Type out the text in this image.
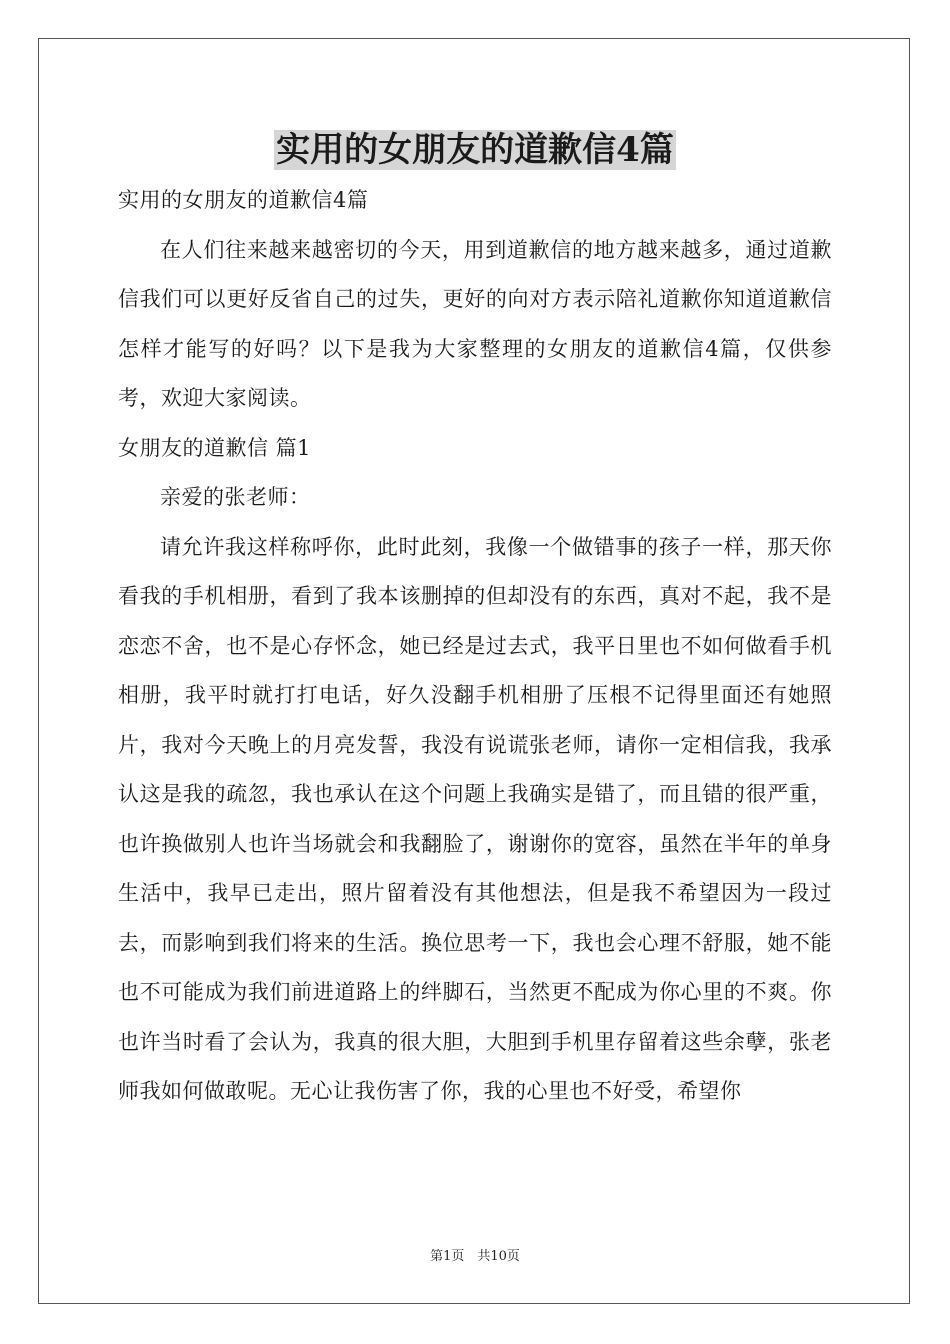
实用的女朋友的道歉信4篇

实用的女朋友的道歉信4篇

在人们往来越来越密切的今天，用到道歉信的地方越来越多，通过道歉信我们可以更好反省自己的过失，更好的向对方表示陪礼道歉你知道道歉信怎样才能写的好吗？以下是我为大家整理的女朋友的道歉信4篇，仅供参考，欢迎大家阅读。

女朋友的道歉信 篇1

亲爱的张老师：

请允许我这样称呼你，此时此刻，我像一个做错事的孩子一样，那天你看我的手机相册，看到了我本该删掉的但却没有的东西，真对不起，我不是恋恋不舍，也不是心存怀念，她已经是过去式，我平日里也不如何做看手机相册，我平时就打打电话，好久没翻手机相册了压根不记得里面还有她照片，我对今天晚上的月亮发誓，我没有说谎张老师，请你一定相信我，我承认这是我的疏忽，我也承认在这个问题上我确实是错了，而且错的很严重，也许换做别人也许当场就会和我翻脸了，谢谢你的宽容，虽然在半年的单身生活中，我早已走出，照片留着没有其他想法，但是我不希望因为一段过去，而影响到我们将来的生活。换位思考一下，我也会心理不舒服，她不能也不可能成为我们前进道路上的绊脚石，当然更不配成为你心里的不爽。你也许当时看了会认为，我真的很大胆，大胆到手机里存留着这些余孽，张老师我如何做敢呢。无心让我伤害了你，我的心里也不好受，希望你

第1页　共10页
